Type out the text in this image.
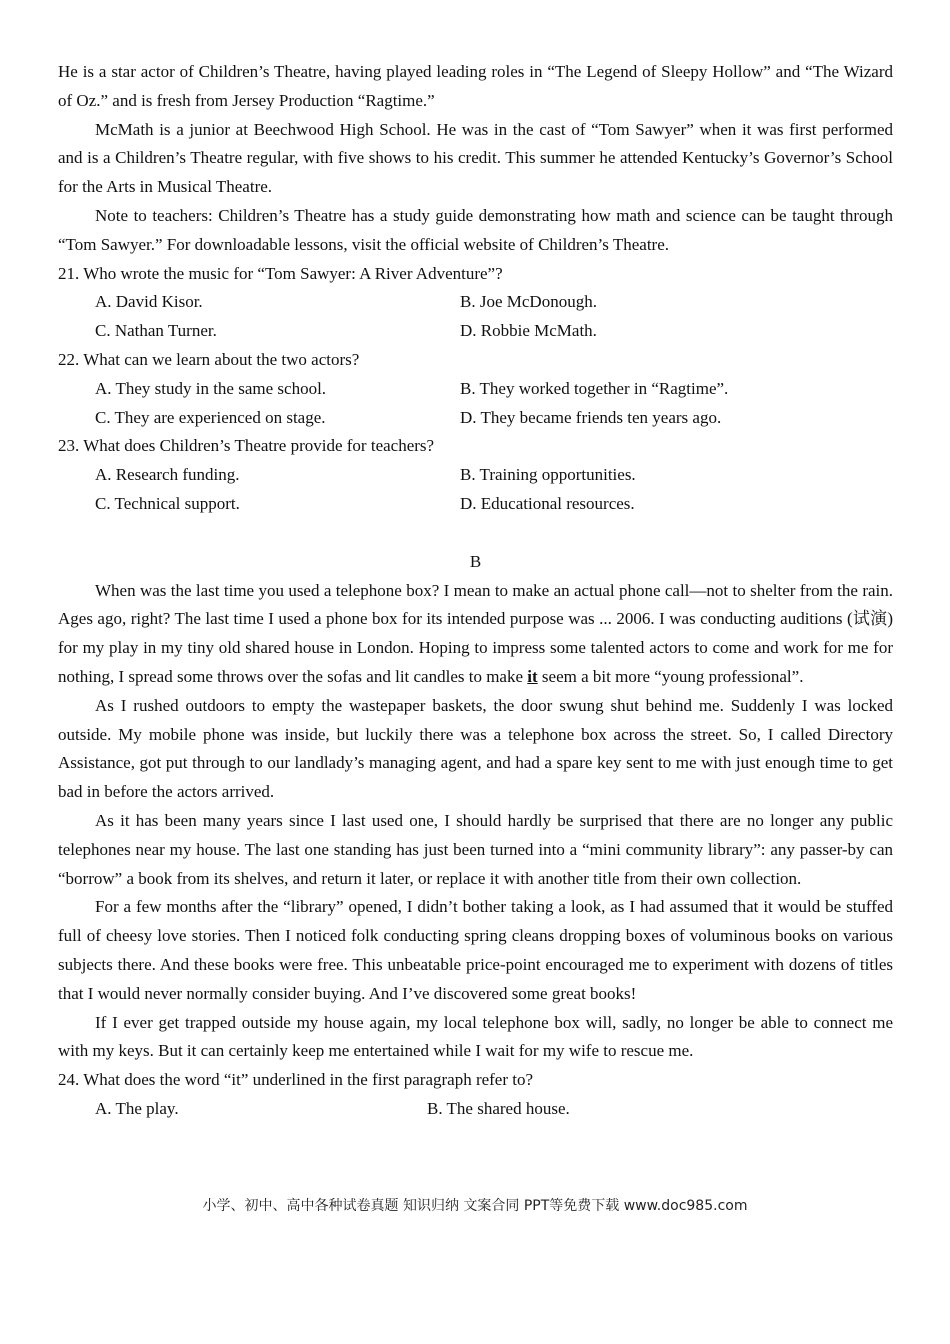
He is a star actor of Children’s Theatre, having played leading roles in “The Legend of Sleepy Hollow” and “The Wizard of Oz.” and is fresh from Jersey Production “Ragtime.”

McMath is a junior at Beechwood High School. He was in the cast of “Tom Sawyer” when it was first performed and is a Children’s Theatre regular, with five shows to his credit. This summer he attended Kentucky’s Governor’s School for the Arts in Musical Theatre.

Note to teachers: Children’s Theatre has a study guide demonstrating how math and science can be taught through “Tom Sawyer.” For downloadable lessons, visit the official website of Children’s Theatre.

21. Who wrote the music for “Tom Sawyer: A River Adventure”?

A. David Kisor.	B. Joe McDonough.
C. Nathan Turner.	D. Robbie McMath.

22. What can we learn about the two actors?

A. They study in the same school.	B. They worked together in “Ragtime”.
C. They are experienced on stage.	D. They became friends ten years ago.

23. What does Children’s Theatre provide for teachers?

A. Research funding.	B. Training opportunities.
C. Technical support.	D. Educational resources.

B

When was the last time you used a telephone box? I mean to make an actual phone call—not to shelter from the rain. Ages ago, right? The last time I used a phone box for its intended purpose was ... 2006. I was conducting auditions (试演) for my play in my tiny old shared house in London. Hoping to impress some talented actors to come and work for me for nothing, I spread some throws over the sofas and lit candles to make it seem a bit more “young professional”.

As I rushed outdoors to empty the wastepaper baskets, the door swung shut behind me. Suddenly I was locked outside. My mobile phone was inside, but luckily there was a telephone box across the street. So, I called Directory Assistance, got put through to our landlady’s managing agent, and had a spare key sent to me with just enough time to get bad in before the actors arrived.

As it has been many years since I last used one, I should hardly be surprised that there are no longer any public telephones near my house. The last one standing has just been turned into a “mini community library”: any passer-by can “borrow” a book from its shelves, and return it later, or replace it with another title from their own collection.

For a few months after the “library” opened, I didn’t bother taking a look, as I had assumed that it would be stuffed full of cheesy love stories. Then I noticed folk conducting spring cleans dropping boxes of voluminous books on various subjects there. And these books were free. This unbeatable price-point encouraged me to experiment with dozens of titles that I would never normally consider buying. And I’ve discovered some great books!

If I ever get trapped outside my house again, my local telephone box will, sadly, no longer be able to connect me with my keys. But it can certainly keep me entertained while I wait for my wife to rescue me.

24. What does the word “it” underlined in the first paragraph refer to?

A. The play.	B. The shared house.
小学、初中、高中各种试卷真题 知识归纳 文案合同 PPT等免费下载 www.doc985.com
